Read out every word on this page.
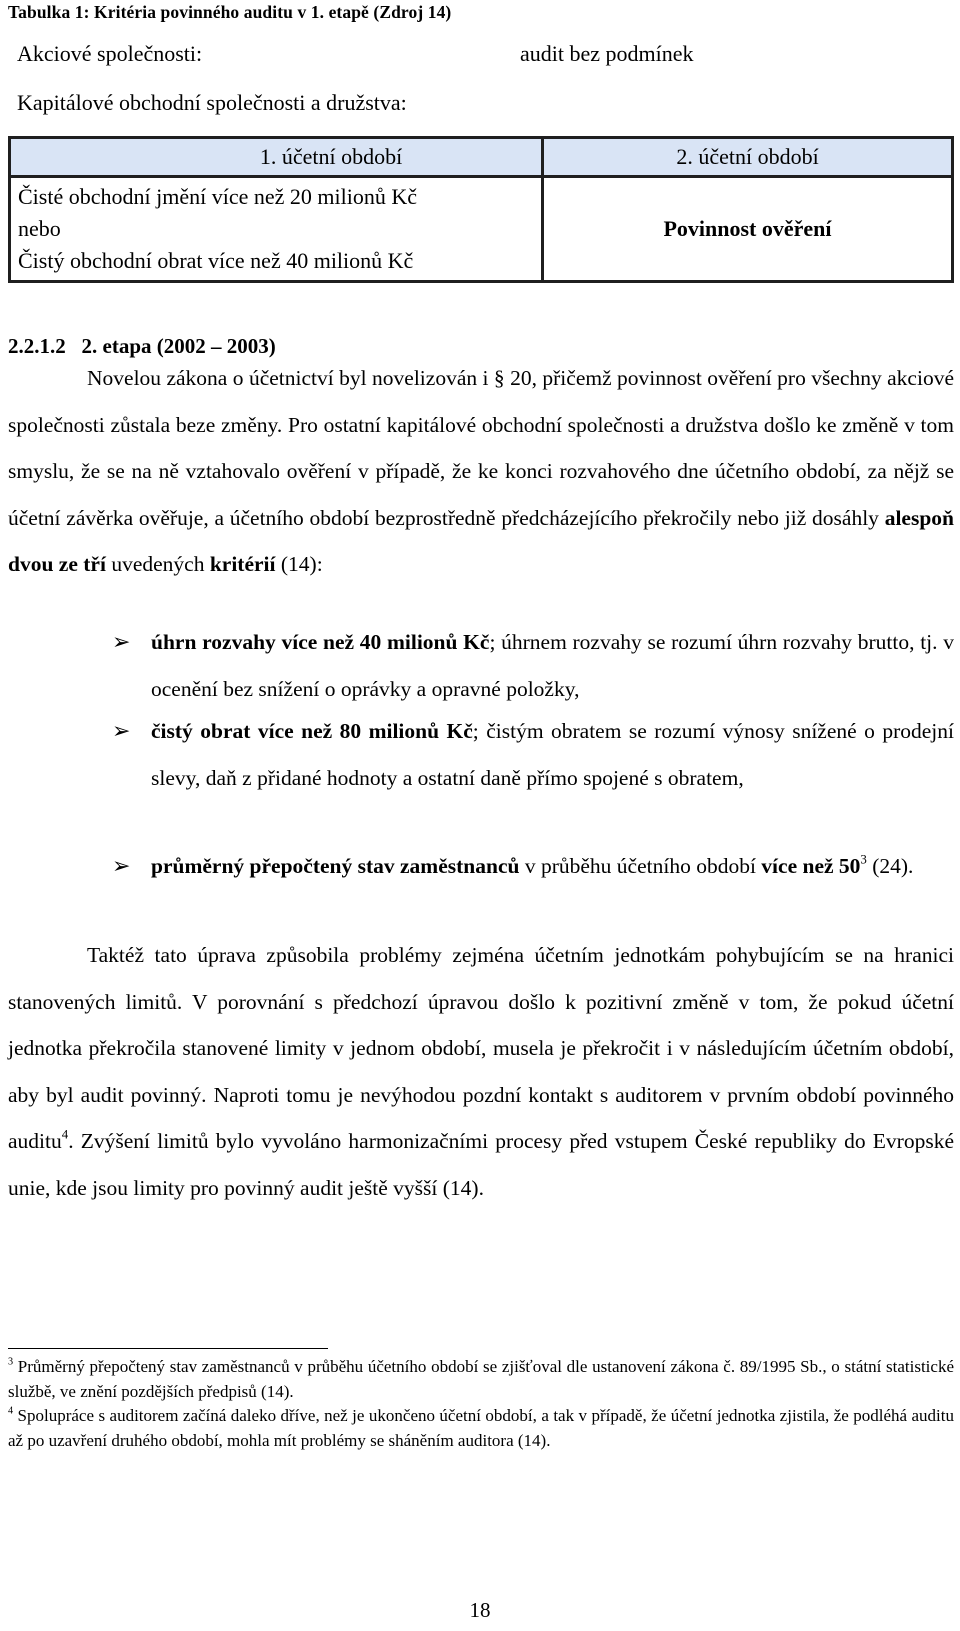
Tabulka 1: Kritéria povinného auditu v 1. etapě (Zdroj 14)
Akciové společnosti:	audit bez podmínek
Kapitálové obchodní společnosti a družstva:
1. účetní období	2. účetní období

Čisté obchodní jmění více než 20 milionů Kč
nebo
Čistý obchodní obrat více než 40 milionů Kč	Povinnost ověření
2.2.1.2   2. etapa (2002 – 2003)

Novelou zákona o účetnictví byl novelizován i § 20, přičemž povinnost ověření pro všechny akciové společnosti zůstala beze změny. Pro ostatní kapitálové obchodní společnosti a družstva došlo ke změně v tom smyslu, že se na ně vztahovalo ověření v případě, že ke konci rozvahového dne účetního období, za nějž se účetní závěrka ověřuje, a účetního období bezprostředně předcházejícího překročily nebo již dosáhly alespoň dvou ze tří uvedených kritérií (14):

➢ úhrn rozvahy více než 40 milionů Kč; úhrnem rozvahy se rozumí úhrn rozvahy brutto, tj. v ocenění bez snížení o oprávky a opravné položky,
➢ čistý obrat více než 80 milionů Kč; čistým obratem se rozumí výnosy snížené o prodejní slevy, daň z přidané hodnoty a ostatní daně přímo spojené s obratem,
➢ průměrný přepočtený stav zaměstnanců v průběhu účetního období více než $50^3$ (24).

Taktéž tato úprava způsobila problémy zejména účetním jednotkám pohybujícím se na hranici stanovených limitů. V porovnání s předchozí úpravou došlo k pozitivní změně v tom, že pokud účetní jednotka překročila stanovené limity v jednom období, musela je překročit i v následujícím účetním období, aby byl audit povinný. Naproti tomu je nevýhodou pozdní kontakt s auditorem v prvním období povinného auditu$^4$. Zvýšení limitů bylo vyvoláno harmonizačními procesy před vstupem České republiky do Evropské unie, kde jsou limity pro povinný audit ještě vyšší (14).

$^3$ Průměrný přepočtený stav zaměstnanců v průběhu účetního období se zjišťoval dle ustanovení zákona č. 89/1995 Sb., o státní statistické službě, ve znění pozdějších předpisů (14).

$^4$ Spolupráce s auditorem začíná daleko dříve, než je ukončeno účetní období, a tak v případě, že účetní jednotka zjistila, že podléhá auditu až po uzavření druhého období, mohla mít problémy se sháněním auditora (14).

18
